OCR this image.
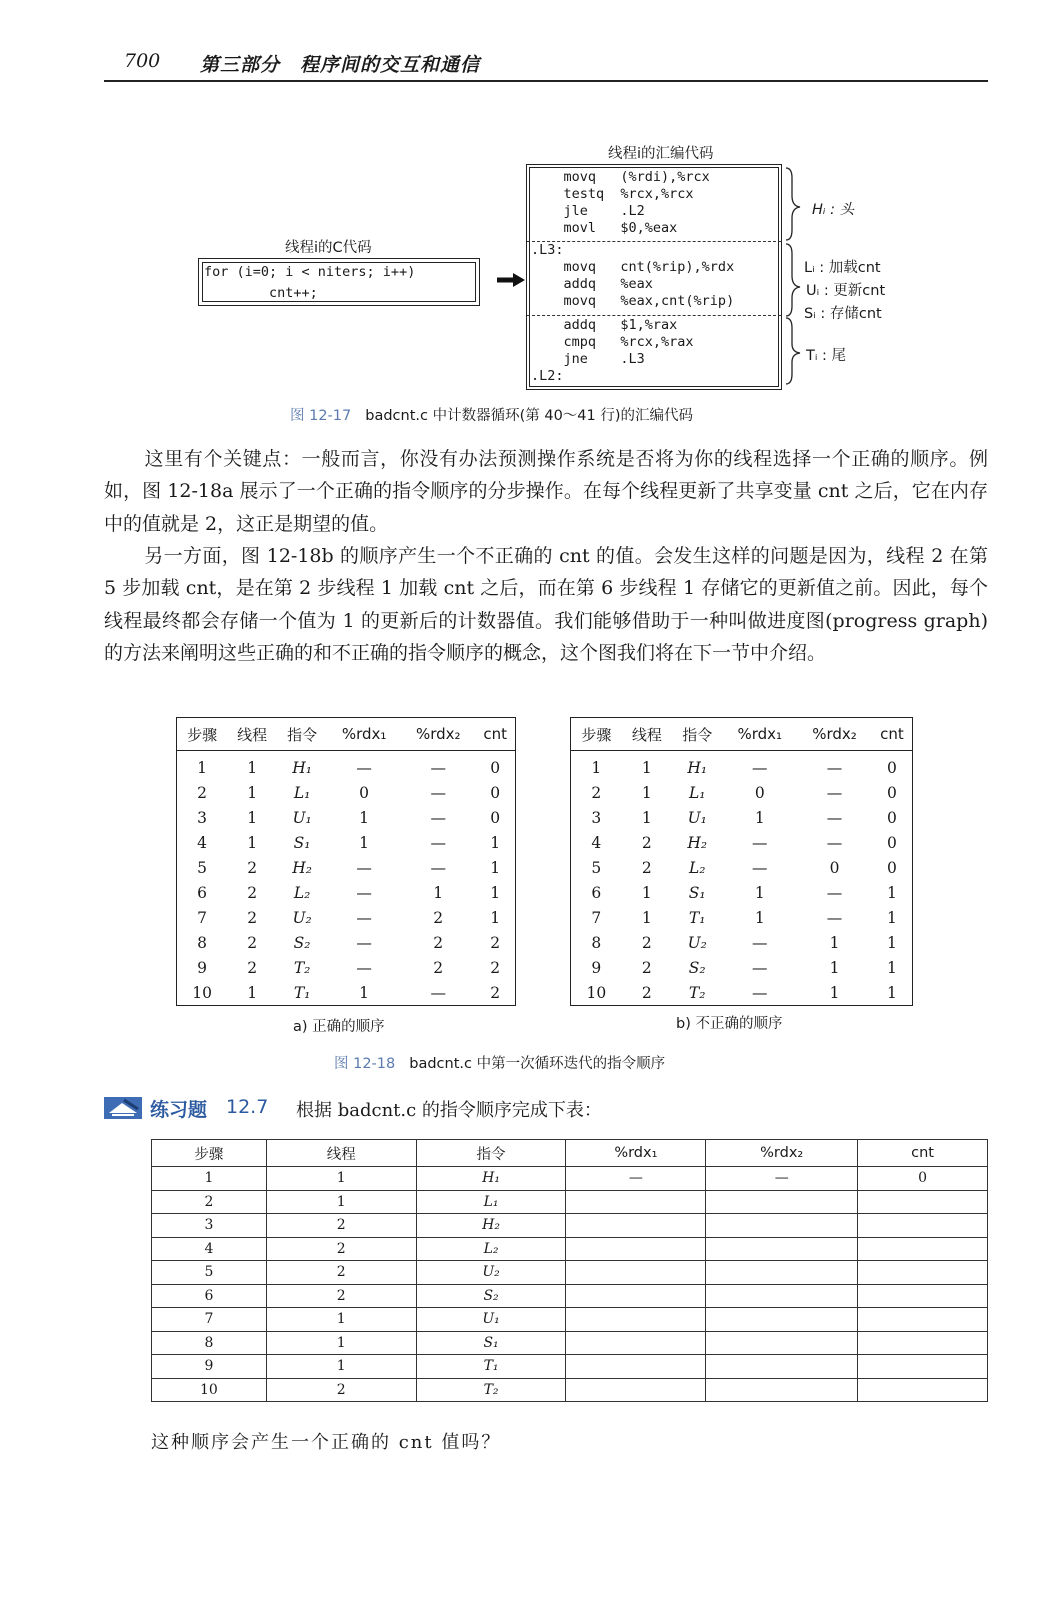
700 第三部分　程序间的交互和通信
线程i的C代码
for (i=0; i < niters; i++)
cnt++;
线程i的汇编代码
movq   (%rdi),%rcx
testq  %rcx,%rcx
jle    .L2
movl   $0,%eax
.L3:
movq   cnt(%rip),%rdx
addq   %eax
movq   %eax,cnt(%rip)
addq   $1,%rax
cmpq   %rcx,%rax
jne    .L3
.L2:
Hᵢ : 头
Lᵢ : 加载cnt
Uᵢ : 更新cnt
Sᵢ : 存储cnt
Tᵢ : 尾
图 12-17 badcnt.c 中计数器循环(第 40～41 行)的汇编代码
这里有个关键点：一般而言，你没有办法预测操作系统是否将为你的线程选择一个正确的顺序。例如，图 12-18a 展示了一个正确的指令顺序的分步操作。在每个线程更新了共享变量 cnt 之后，它在内存中的值就是 2，这正是期望的值。
另一方面，图 12-18b 的顺序产生一个不正确的 cnt 的值。会发生这样的问题是因为，线程 2 在第 5 步加载 cnt，是在第 2 步线程 1 加载 cnt 之后，而在第 6 步线程 1 存储它的更新值之前。因此，每个线程最终都会存储一个值为 1 的更新后的计数器值。我们能够借助于一种叫做进度图(progress graph)的方法来阐明这些正确的和不正确的指令顺序的概念，这个图我们将在下一节中介绍。
步骤	线程	指令	%rdx₁	%rdx₂	cnt
1	1	H₁	—	—	0
2	1	L₁	0	—	0
3	1	U₁	1	—	0
4	1	S₁	1	—	1
5	2	H₂	—	—	1
6	2	L₂	—	1	1
7	2	U₂	—	2	1
8	2	S₂	—	2	2
9	2	T₂	—	2	2
10	1	T₁	1	—	2
步骤	线程	指令	%rdx₁	%rdx₂	cnt
1	1	H₁	—	—	0
2	1	L₁	0	—	0
3	1	U₁	1	—	0
4	2	H₂	—	—	0
5	2	L₂	—	0	0
6	1	S₁	1	—	1
7	1	T₁	1	—	1
8	2	U₂	—	1	1
9	2	S₂	—	1	1
10	2	T₂	—	1	1
a) 正确的顺序	b) 不正确的顺序
图 12-18 badcnt.c 中第一次循环迭代的指令顺序
练习题 12.7 根据 badcnt.c 的指令顺序完成下表：
步骤	线程	指令	%rdx₁	%rdx₂	cnt
1	1	H₁	—	—	0
2	1	L₁			
3	2	H₂			
4	2	L₂			
5	2	U₂			
6	2	S₂			
7	1	U₁			
8	1	S₁			
9	1	T₁			
10	2	T₂			
这种顺序会产生一个正确的 cnt 值吗？
